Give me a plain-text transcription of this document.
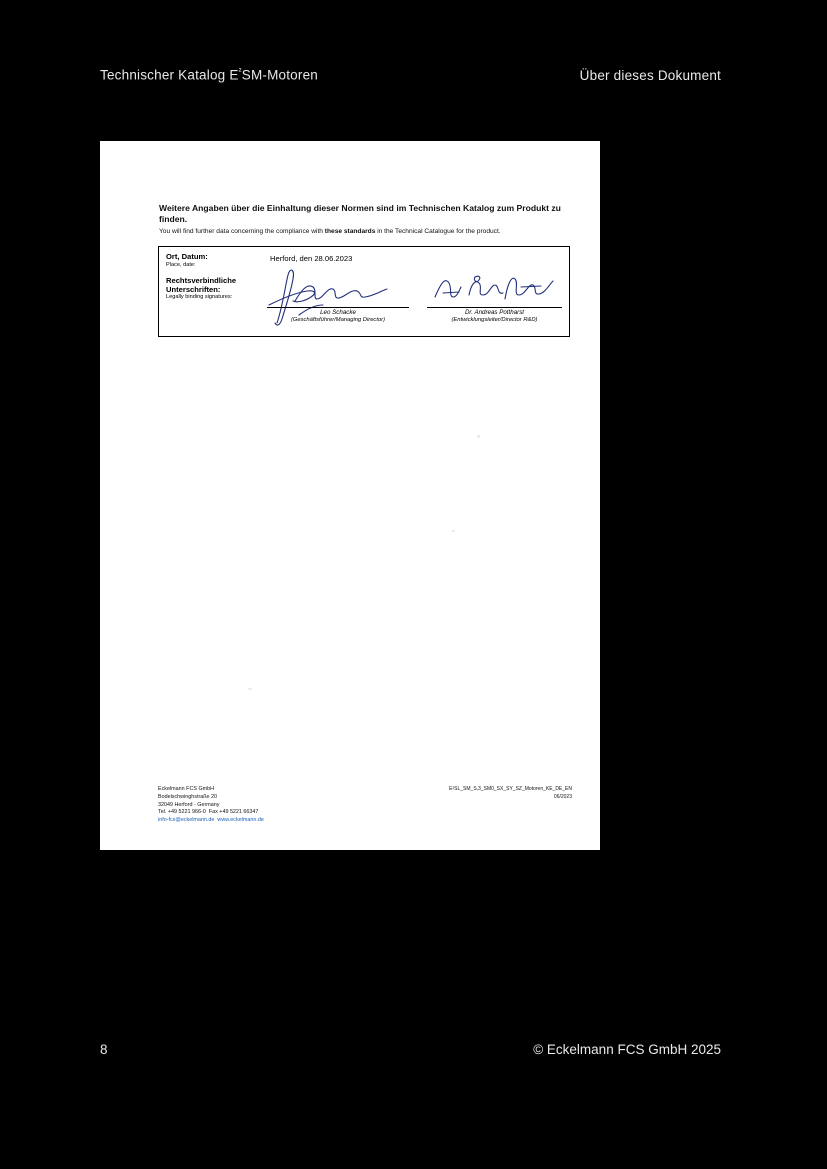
Technischer Katalog $E^{^2}SM$-Motoren	Über dieses Dokument

Weitere Angaben über die Einhaltung dieser Normen sind im Technischen Katalog zum Produkt zu finden.

You will find further data concerning the compliance with these standards in the Technical Catalogue for the product.

Ort, Datum:
Place, date:
Herford, den 28.06.2023
Rechtsverbindliche Unterschriften:
Legally binding signatures:
Leo Schacke
(Geschäftsführer/Managing Director)
Dr. Andreas Pottharst
(Entwicklungsleiter/Director R&D)
Eckelmann FCS GmbH
Bodelschwinghstraße 20
32049 Herford · Germany
Tel. +49 5221 966-0 Fax +49 5221 66347
info-fcs@eckelmann.de www.eckelmann.de
E²SL_SM_S,3_SM0_SX_SY_SZ_Motoren_KE_DE_EN
06/2023
8	© Eckelmann FCS GmbH 2025
